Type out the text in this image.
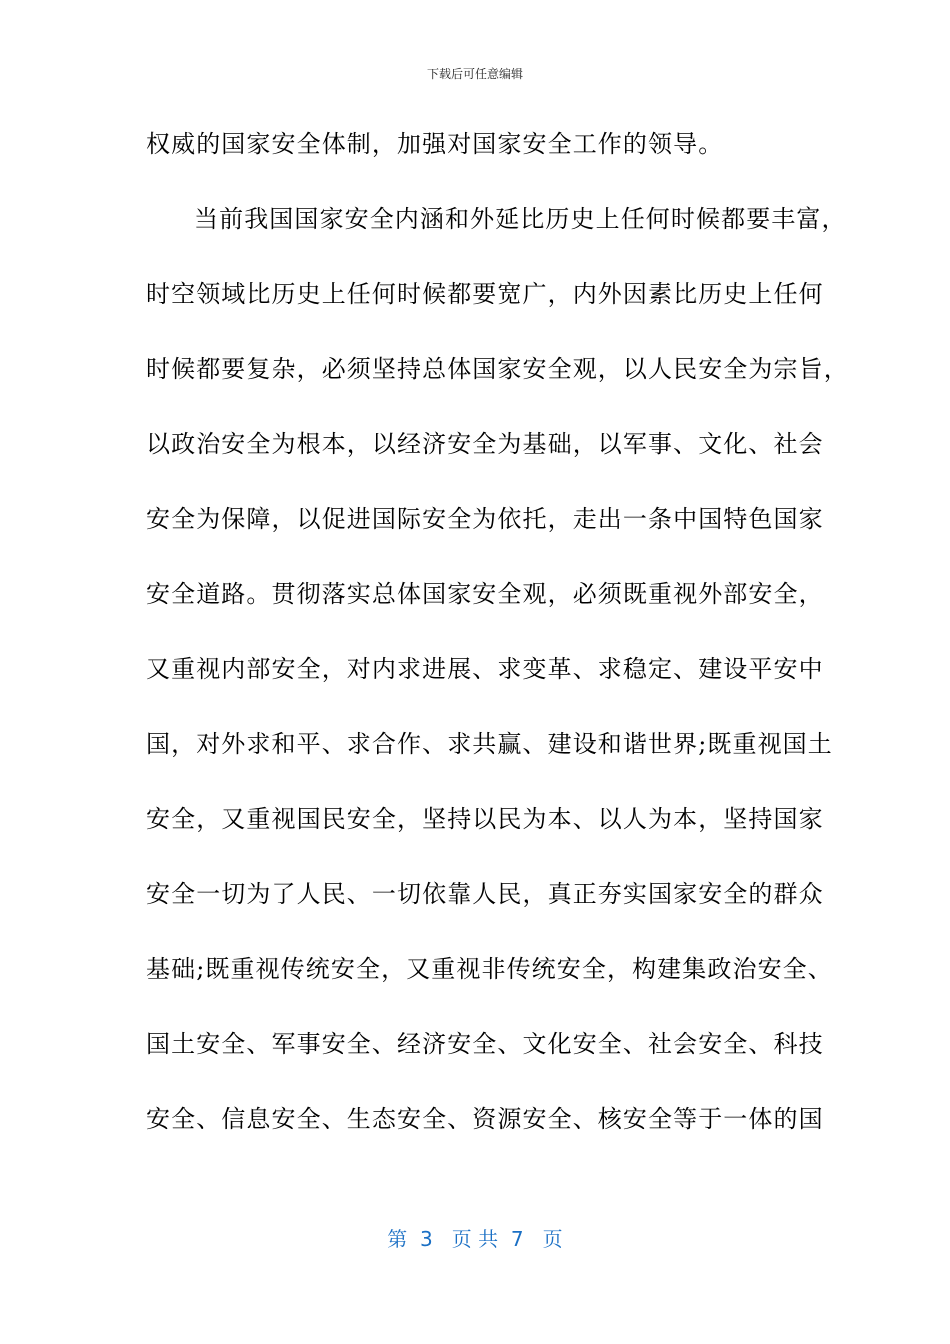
下载后可任意编辑
权威的国家安全体制，加强对国家安全工作的领导。
当前我国国家安全内涵和外延比历史上任何时候都要丰富，
时空领域比历史上任何时候都要宽广，内外因素比历史上任何
时候都要复杂，必须坚持总体国家安全观，以人民安全为宗旨，
以政治安全为根本，以经济安全为基础，以军事、文化、社会
安全为保障，以促进国际安全为依托，走出一条中国特色国家
安全道路。贯彻落实总体国家安全观，必须既重视外部安全，
又重视内部安全，对内求进展、求变革、求稳定、建设平安中
国，对外求和平、求合作、求共赢、建设和谐世界;既重视国土
安全，又重视国民安全，坚持以民为本、以人为本，坚持国家
安全一切为了人民、一切依靠人民，真正夯实国家安全的群众
基础;既重视传统安全，又重视非传统安全，构建集政治安全、
国土安全、军事安全、经济安全、文化安全、社会安全、科技
安全、信息安全、生态安全、资源安全、核安全等于一体的国
第  3   页 共  7   页
